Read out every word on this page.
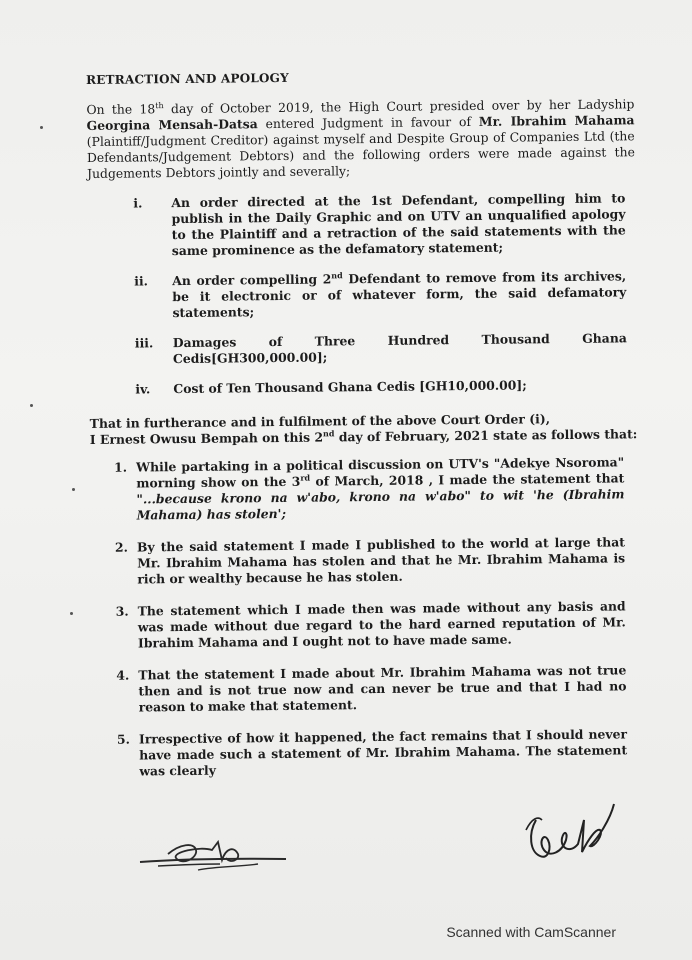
RETRACTION AND APOLOGY
On the 18th day of October 2019, the High Court presided over by her Ladyship Georgina Mensah-Datsa entered Judgment in favour of Mr. Ibrahim Mahama (Plaintiff/Judgment Creditor) against myself and Despite Group of Companies Ltd (the Defendants/Judgement Debtors) and the following orders were made against the Judgements Debtors jointly and severally;
i.	An order directed at the 1st Defendant, compelling him to publish in the Daily Graphic and on UTV an unqualified apology to the Plaintiff and a retraction of the said statements with the same prominence as the defamatory statement;
ii.	An order compelling 2nd Defendant to remove from its archives, be it electronic or of whatever form, the said defamatory statements;
iii.	Damages of Three Hundred Thousand Ghana Cedis[GH300,000.00];
iv.	Cost of Ten Thousand Ghana Cedis [GH10,000.00];
That in furtherance and in fulfilment of the above Court Order (i),
I Ernest Owusu Bempah on this 2nd day of February, 2021 state as follows that:
1. While partaking in a political discussion on UTV's "Adekye Nsoroma" morning show on the 3rd of March, 2018 , I made the statement that "...because krono na w'abo, krono na w'abo" to wit 'he (Ibrahim Mahama) has stolen';
2. By the said statement I made I published to the world at large that Mr. Ibrahim Mahama has stolen and that he Mr. Ibrahim Mahama is rich or wealthy because he has stolen.
3. The statement which I made then was made without any basis and was made without due regard to the hard earned reputation of Mr. Ibrahim Mahama and I ought not to have made same.
4. That the statement I made about Mr. Ibrahim Mahama was not true then and is not true now and can never be true and that I had no reason to make that statement.
5. Irrespective of how it happened, the fact remains that I should never have made such a statement of Mr. Ibrahim Mahama. The statement was clearly
Scanned with CamScanner
